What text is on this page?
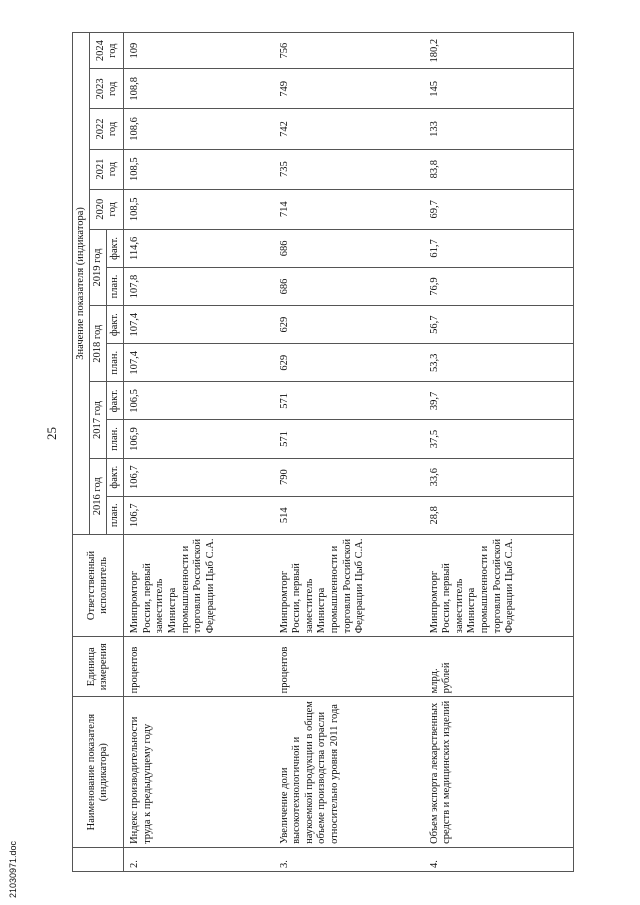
25
21030971.doc
	Наименование показателя (индикатора)	Единица измерения	Ответственный исполнитель	Значение показателя (индикатора)												
				2016 год		2017 год		2018 год		2019 год		2020 год	2021 год	2022 год	2023 год	2024 год
				план.	факт.	план.	факт.	план.	факт.	план.	факт.					
2.	Индекс производительности труда к предыдущему году	процентов	Минпромторг России, первый заместитель Министра промышленности и торговли Российской Федерации Цыб С.А.	106,7	106,7	106,9	106,5	107,4	107,4	107,8	114,6	108,5	108,5	108,6	108,8	109
3.	Увеличение доли высокотехнологичной и наукоемкой продукции в общем объеме производства отрасли относительно уровня 2011 года	процентов	Минпромторг России, первый заместитель Министра промышленности и торговли Российской Федерации Цыб С.А.	514	790	571	571	629	629	686	686	714	735	742	749	756
4.	Объем экспорта лекарственных средств и медицинских изделий	млрд. рублей	Минпромторг России, первый заместитель Министра промышленности и торговли Российской Федерации Цыб С.А.	28,8	33,6	37,5	39,7	53,3	56,7	76,9	61,7	69,7	83,8	133	145	180,2
